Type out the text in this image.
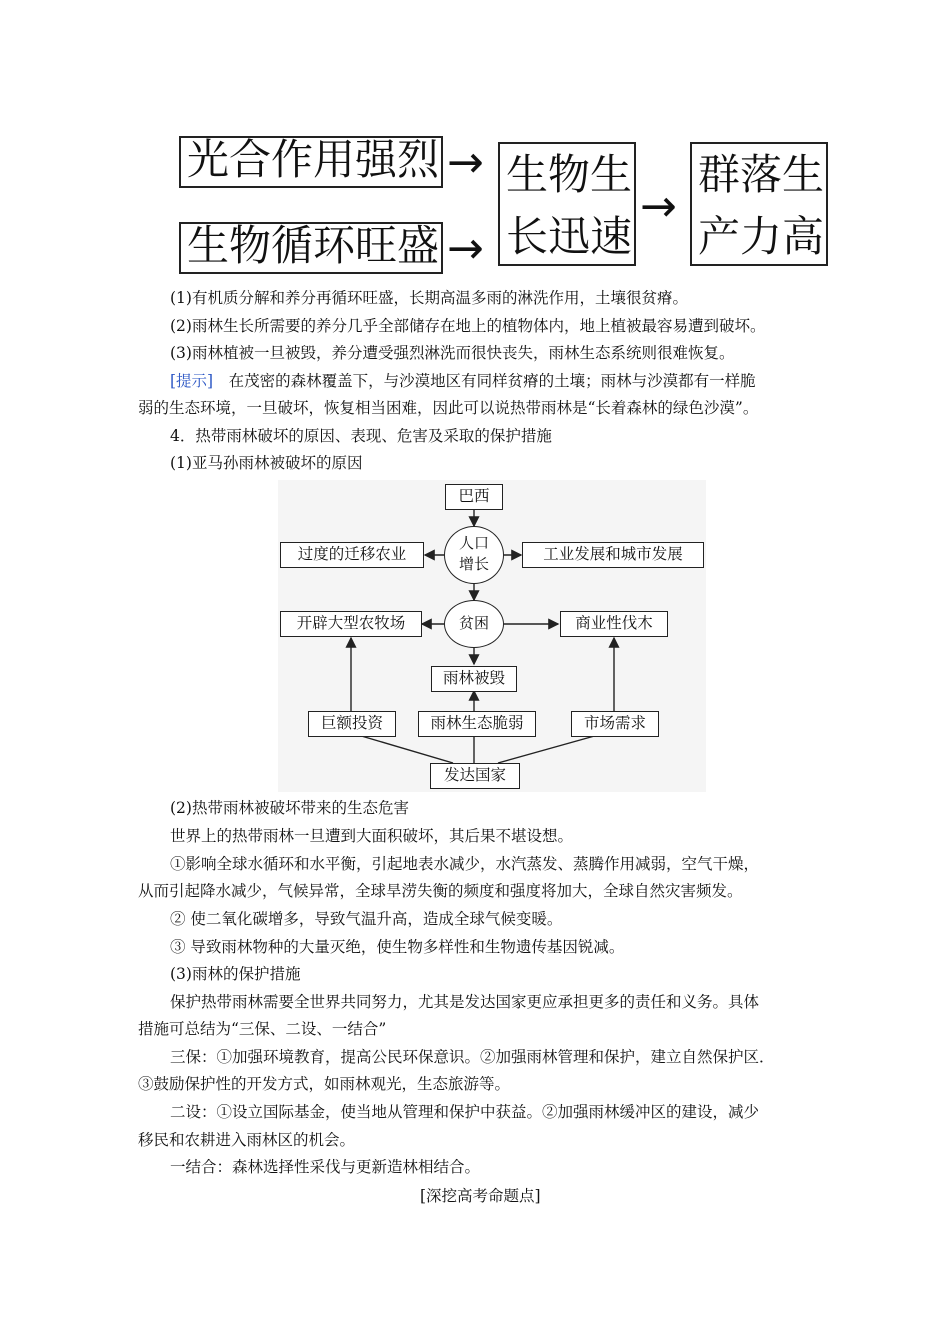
光合作用强烈
生物循环旺盛
→
→
生物生
长迅速
→
群落生
产力高
(1)有机质分解和养分再循环旺盛，长期高温多雨的淋洗作用，土壤很贫瘠。
(2)雨林生长所需要的养分几乎全部储存在地上的植物体内，地上植被最容易遭到破坏。
(3)雨林植被一旦被毁，养分遭受强烈淋洗而很快丧失，雨林生态系统则很难恢复。
[提示]　 在茂密的森林覆盖下，与沙漠地区有同样贫瘠的土壤；雨林与沙漠都有一样脆
弱的生态环境，一旦破坏，恢复相当困难，因此可以说热带雨林是“长着森林的绿色沙漠”。
4．热带雨林破坏的原因、表现、危害及采取的保护措施
(1)亚马孙雨林被破坏的原因
巴西
人口
增长
过度的迁移农业	工业发展和城市发展
贫困
开辟大型农牧场	商业性伐木
雨林被毁
巨额投资	雨林生态脆弱	市场需求
发达国家
(2)热带雨林被破坏带来的生态危害
世界上的热带雨林一旦遭到大面积破坏，其后果不堪设想。
①影响全球水循环和水平衡，引起地表水减少，水汽蒸发、蒸腾作用减弱，空气干燥，
从而引起降水减少，气候异常，全球旱涝失衡的频度和强度将加大，全球自然灾害频发。
② 使二氧化碳增多，导致气温升高，造成全球气候变暖。
③ 导致雨林物种的大量灭绝，使生物多样性和生物遗传基因锐减。
(3)雨林的保护措施
保护热带雨林需要全世界共同努力，尤其是发达国家更应承担更多的责任和义务。具体
措施可总结为“三保、二设、一结合”
三保：①加强环境教育，提高公民环保意识。②加强雨林管理和保护，建立自然保护区．
③鼓励保护性的开发方式，如雨林观光，生态旅游等。
二设：①设立国际基金，使当地从管理和保护中获益。②加强雨林缓冲区的建设，减少
移民和农耕进入雨林区的机会。
一结合：森林选择性采伐与更新造林相结合。
[深挖高考命题点]
